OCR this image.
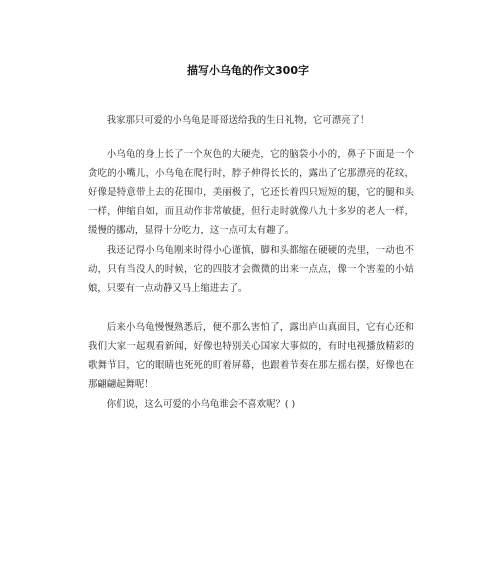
描写小乌龟的作文300字

我家那只可爱的小乌龟是哥哥送给我的生日礼物，它可漂亮了！

小乌龟的身上长了一个灰色的大硬壳，它的脑袋小小的，鼻子下面是一个贪吃的小嘴儿，小乌龟在爬行时，脖子伸得长长的，露出了它那漂亮的花纹，好像是特意带上去的花围巾，美丽极了，它还长着四只短短的腿，它的腿和头一样，伸缩自如，而且动作非常敏捷，但行走时就像八九十多岁的老人一样，缓慢的挪动，显得十分吃力，这一点可太有趣了。

我还记得小乌龟刚来时得小心谨慎，脚和头都缩在硬硬的壳里，一动也不动，只有当没人的时候，它的四肢才会微微的出来一点点，像一个害羞的小姑娘，只要有一点动静又马上缩进去了。

后来小乌龟慢慢熟悉后，便不那么害怕了，露出庐山真面目，它有心还和我们大家一起观看新闻，好像也特别关心国家大事似的，有时电视播放精彩的歌舞节目，它的眼睛也死死的盯着屏幕，也跟着节奏在那左摇右摆，好像也在那翩翩起舞呢！

你们说，这么可爱的小乌龟谁会不喜欢呢？( )
